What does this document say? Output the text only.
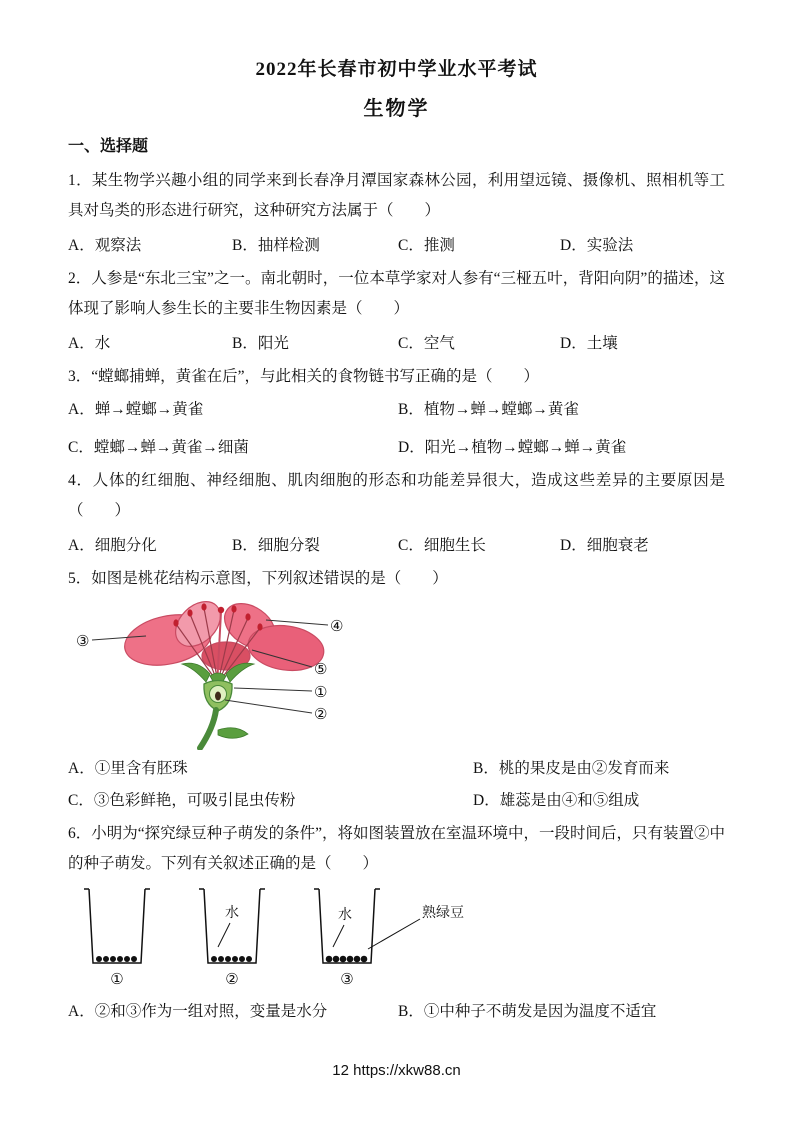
2022年长春市初中学业水平考试
生物学
一、选择题
1．某生物学兴趣小组的同学来到长春净月潭国家森林公园，利用望远镜、摄像机、照相机等工具对鸟类的形态进行研究，这种研究方法属于（　　）
A．观察法	B．抽样检测	C．推测	D．实验法
2．人参是“东北三宝”之一。南北朝时，一位本草学家对人参有“三桠五叶，背阳向阴”的描述，这体现了影响人参生长的主要非生物因素是（　　）
A．水	B．阳光	C．空气	D．土壤
3．“螳螂捕蝉，黄雀在后”，与此相关的食物链书写正确的是（　　）
A．蝉→螳螂→黄雀	B．植物→蝉→螳螂→黄雀
C．螳螂→蝉→黄雀→细菌	D．阳光→植物→螳螂→蝉→黄雀
4．人体的红细胞、神经细胞、肌肉细胞的形态和功能差异很大，造成这些差异的主要原因是（　　）
A．细胞分化	B．细胞分裂	C．细胞生长	D．细胞衰老
5．如图是桃花结构示意图，下列叙述错误的是（　　）
③
④
⑤
①
②
A．①里含有胚珠	B．桃的果皮是由②发育而来
C．③色彩鲜艳，可吸引昆虫传粉	D．雄蕊是由④和⑤组成
6．小明为“探究绿豆种子萌发的条件”，将如图装置放在室温环境中，一段时间后，只有装置②中的种子萌发。下列有关叙述正确的是（　　）
水	水	熟绿豆
①	②	③
A．②和③作为一组对照，变量是水分	B．①中种子不萌发是因为温度不适宜
12 https://xkw88.cn
